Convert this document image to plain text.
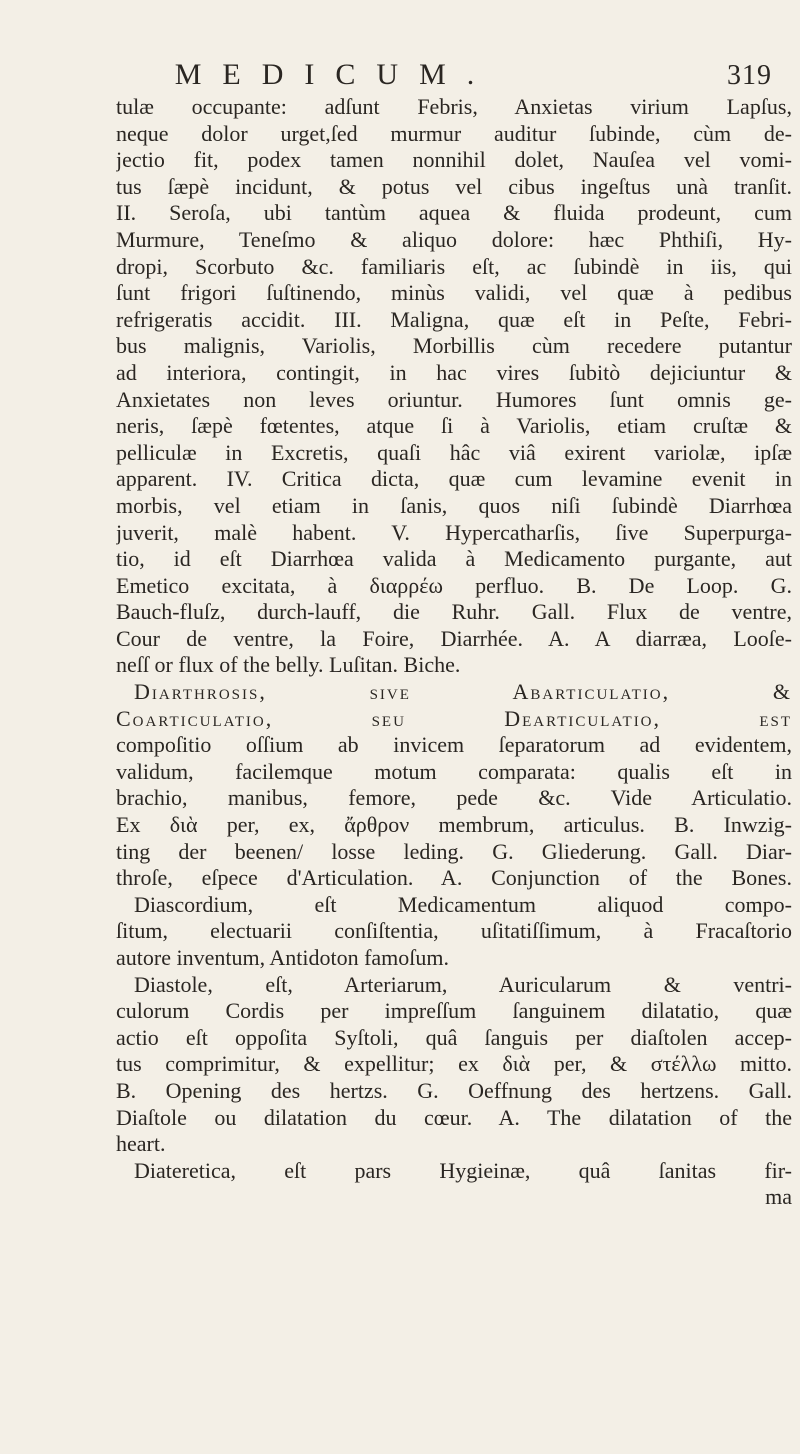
MEDICUM.	319
tulæ occupante: adſunt Febris, Anxietas virium Lapſus,
neque dolor urget,ſed murmur auditur ſubinde, cùm de-
jectio fit, podex tamen nonnihil dolet, Nauſea vel vomi-
tus ſæpè incidunt, & potus vel cibus ingeſtus unà tranſit.
II. Seroſa, ubi tantùm aquea & fluida prodeunt, cum
Murmure, Teneſmo & aliquo dolore: hæc Phthiſi, Hy-
dropi, Scorbuto &c. familiaris eſt, ac ſubindè in iis, qui
ſunt frigori ſuſtinendo, minùs validi, vel quæ à pedibus
refrigeratis accidit. III. Maligna, quæ eſt in Peſte, Febri-
bus malignis, Variolis, Morbillis cùm recedere putantur
ad interiora, contingit, in hac vires ſubitò dejiciuntur &
Anxietates non leves oriuntur. Humores ſunt omnis ge-
neris, ſæpè fœtentes, atque ſi à Variolis, etiam cruſtæ &
pelliculæ in Excretis, quaſi hâc viâ exirent variolæ, ipſæ
apparent. IV. Critica dicta, quæ cum levamine evenit in
morbis, vel etiam in ſanis, quos niſi ſubindè Diarrhœa
juverit, malè habent. V. Hypercatharſis, ſive Superpurga-
tio, id eſt Diarrhœa valida à Medicamento purgante, aut
Emetico excitata, à διαρρέω perfluo. B. De Loop. G.
Bauch-fluſz, durch-lauff, die Ruhr. Gall. Flux de ventre,
Cour de ventre, la Foire, Diarrhée. A. A diarræa, Looſe-
neſſ or flux of the belly. Luſitan. Biche.
Diarthrosis, ſive Abarticulatio, &
Coarticulatio, ſeu Dearticulatio, eſt
compoſitio oſſium ab invicem ſeparatorum ad evidentem,
validum, facilemque motum comparata: qualis eſt in
brachio, manibus, femore, pede &c. Vide Articulatio.
Ex διὰ per, ex, ἄρθρον membrum, articulus. B. Inwzig-
ting der beenen/ losse leding. G. Gliederung. Gall. Diar-
throſe, eſpece d'Articulation. A. Conjunction of the Bones.
Diascordium, eſt Medicamentum aliquod compo-
ſitum, electuarii conſiſtentia, uſitatiſſimum, à Fracaſtorio
autore inventum, Antidoton famoſum.
Diastole, eſt, Arteriarum, Auricularum & ventri-
culorum Cordis per impreſſum ſanguinem dilatatio, quæ
actio eſt oppoſita Syſtoli, quâ ſanguis per diaſtolen accep-
tus comprimitur, & expellitur; ex διὰ per, & στέλλω mitto.
B. Opening des hertzs. G. Oeffnung des hertzens. Gall.
Diaſtole ou dilatation du cœur. A. The dilatation of the
heart.
Diateretica, eſt pars Hygieinæ, quâ ſanitas fir-
ma
